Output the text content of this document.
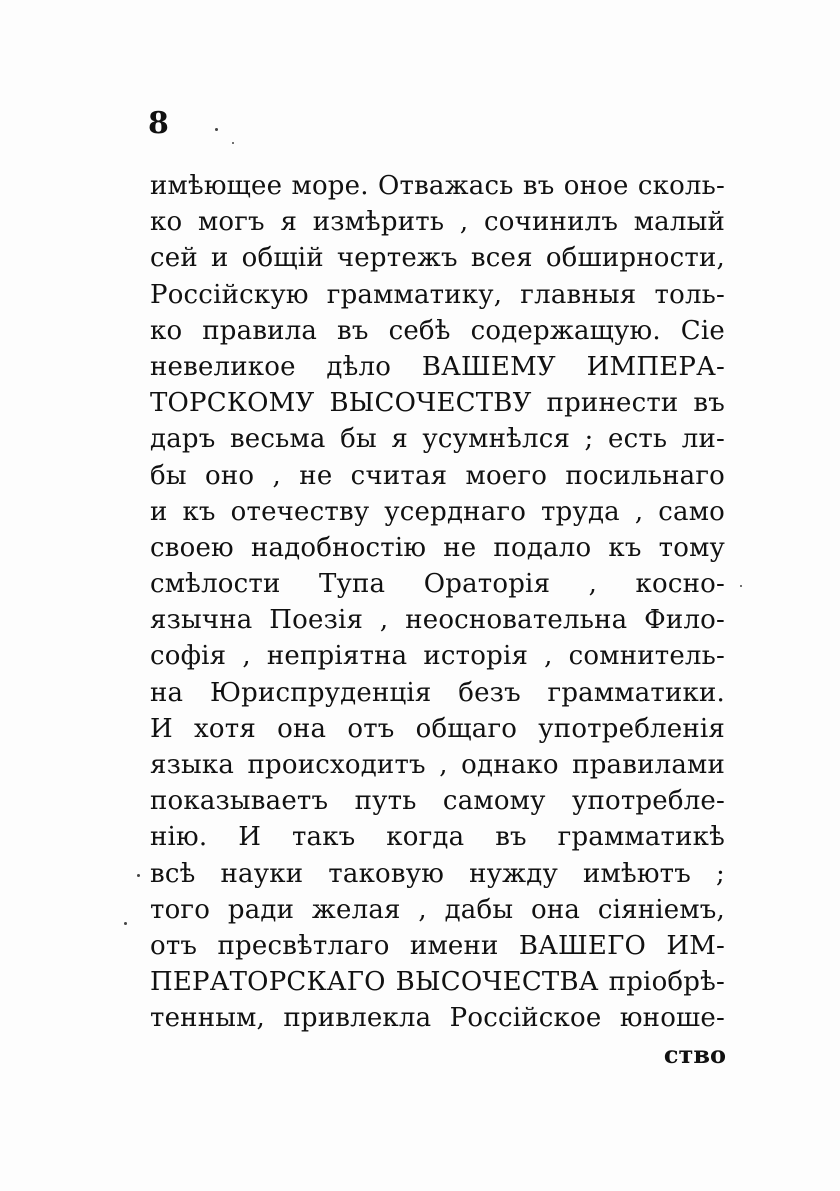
8
имѣющее море. Отважась въ оное сколь-
ко могъ я измѣрить , сочинилъ малый
сей и общій чертежъ всея обширности,
Россійскую грамматику, главныя толь-
ко правила въ себѣ содержащую. Сіе
невеликое дѣло ВАШЕМУ ИМПЕРА-
ТОРСКОМУ ВЫСОЧЕСТВУ принести въ
даръ весьма бы я усумнѣлся ; есть ли-
бы оно , не считая моего посильнаго
и къ отечеству усерднаго труда , само
своею надобностію не подало къ тому
смѣлости Тупа Ораторія , косно-
язычна Поезія , неосновательна Фило-
софія , непріятна исторія , сомнитель-
на Юриспруденція безъ грамматики.
И хотя она отъ общаго употребленія
языка происходитъ , однако правилами
показываетъ путь самому употребле-
нію. И такъ когда въ грамматикѣ
всѣ науки таковую нужду имѣютъ ;
того ради желая , дабы она сіяніемъ,
отъ пресвѣтлаго имени ВАШЕГО ИМ-
ПЕРАТОРСКАГО ВЫСОЧЕСТВА пріобрѣ-
тенным, привлекла Россійское юноше-
ство
